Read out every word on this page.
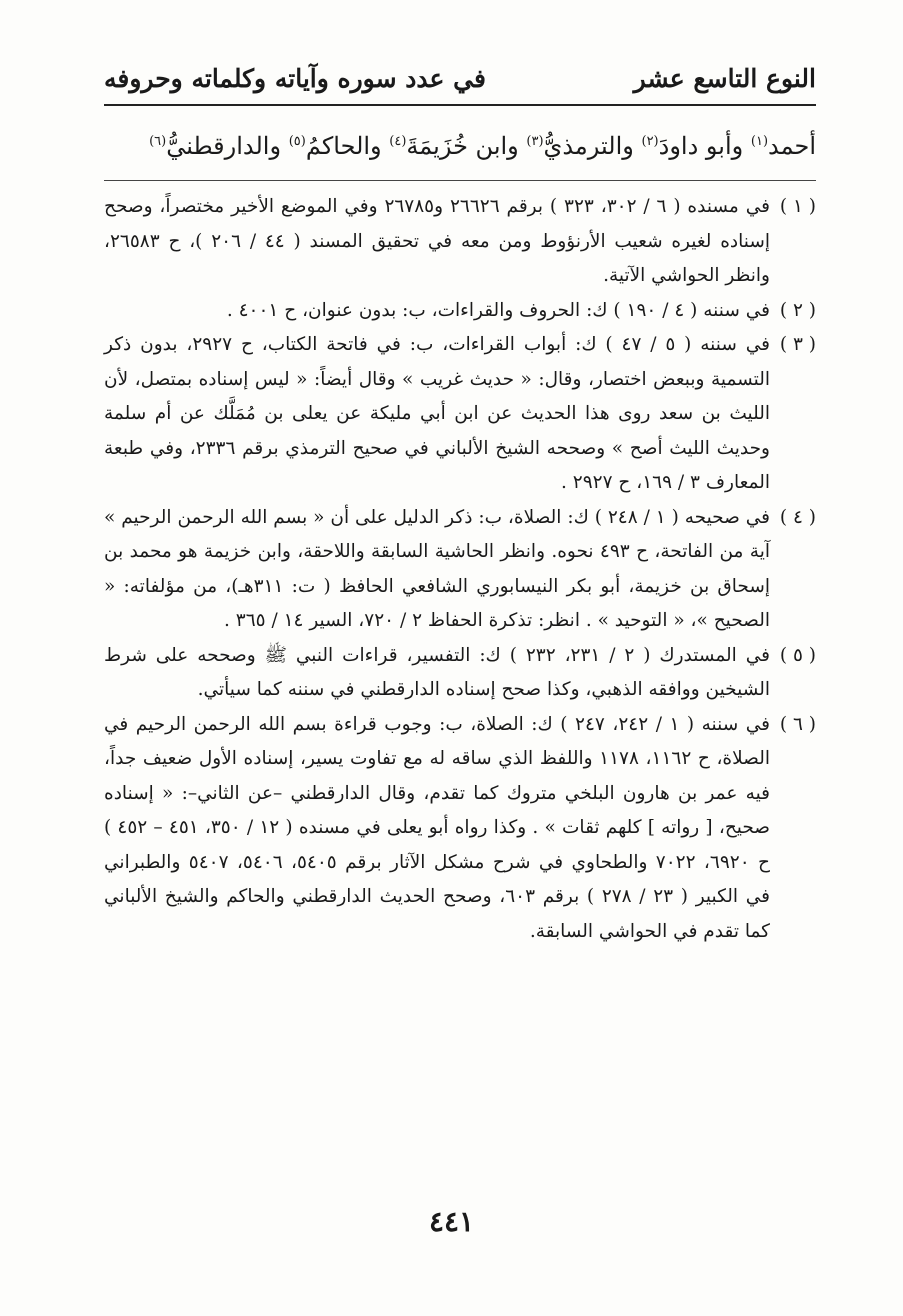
النوع التاسع عشر
في عدد سوره وآياته وكلماته وحروفه
أحمد$^{(١)}$ وأبو داودَ$^{(٢)}$ والترمذيُّ$^{(٣)}$ وابن خُزَيمَةَ$^{(٤)}$ والحاكمُ$^{(٥)}$ والدارقطنيُّ$^{(٦)}$

( ١ )في مسنده ( ٦ / ٣٠٢، ٣٢٣ ) برقم ٢٦٦٢٦ و٢٦٧٨٥ وفي الموضع الأخير مختصراً، وصحح إسناده لغيره شعيب الأرنؤوط ومن معه في تحقيق المسند ( ٤٤ / ٢٠٦ )، ح ٢٦٥٨٣، وانظر الحواشي الآتية.

( ٢ )في سننه ( ٤ / ١٩٠ ) ك: الحروف والقراءات، ب: بدون عنوان، ح ٤٠٠١ .

( ٣ )في سننه ( ٥ / ٤٧ ) ك: أبواب القراءات، ب: في فاتحة الكتاب، ح ٢٩٢٧، بدون ذكر التسمية وببعض اختصار، وقال: « حديث غريب » وقال أيضاً: « ليس إسناده بمتصل، لأن الليث بن سعد روى هذا الحديث عن ابن أبي مليكة عن يعلى بن مُمَلَّك عن أم سلمة وحديث الليث أصح » وصححه الشيخ الألباني في صحيح الترمذي برقم ٢٣٣٦، وفي طبعة المعارف ٣ / ١٦٩، ح ٢٩٢٧ .

( ٤ )في صحيحه ( ١ / ٢٤٨ ) ك: الصلاة، ب: ذكر الدليل على أن « بسم الله الرحمن الرحيم » آية من الفاتحة، ح ٤٩٣ نحوه. وانظر الحاشية السابقة واللاحقة، وابن خزيمة هو محمد بن إسحاق بن خزيمة، أبو بكر النيسابوري الشافعي الحافظ ( ت: ٣١١هـ)، من مؤلفاته: « الصحيح »، « التوحيد » . انظر: تذكرة الحفاظ ٢ / ٧٢٠، السير ١٤ / ٣٦٥ .

( ٥ )في المستدرك ( ٢ / ٢٣١، ٢٣٢ ) ك: التفسير، قراءات النبي ﷺ وصححه على شرط الشيخين ووافقه الذهبي، وكذا صحح إسناده الدارقطني في سننه كما سيأتي.

( ٦ )في سننه ( ١ / ٢٤٢، ٢٤٧ ) ك: الصلاة، ب: وجوب قراءة بسم الله الرحمن الرحيم في الصلاة، ح ١١٦٢، ١١٧٨ واللفظ الذي ساقه له مع تفاوت يسير، إسناده الأول ضعيف جداً، فيه عمر بن هارون البلخي متروك كما تقدم، وقال الدارقطني –عن الثاني–: « إسناده صحيح، [ رواته ] كلهم ثقات » . وكذا رواه أبو يعلى في مسنده ( ١٢ / ٣٥٠، ٤٥١ – ٤٥٢ ) ح ٦٩٢٠، ٧٠٢٢ والطحاوي في شرح مشكل الآثار برقم ٥٤٠٥، ٥٤٠٦، ٥٤٠٧ والطبراني في الكبير ( ٢٣ / ٢٧٨ ) برقم ٦٠٣، وصحح الحديث الدارقطني والحاكم والشيخ الألباني كما تقدم في الحواشي السابقة.

٤٤١
